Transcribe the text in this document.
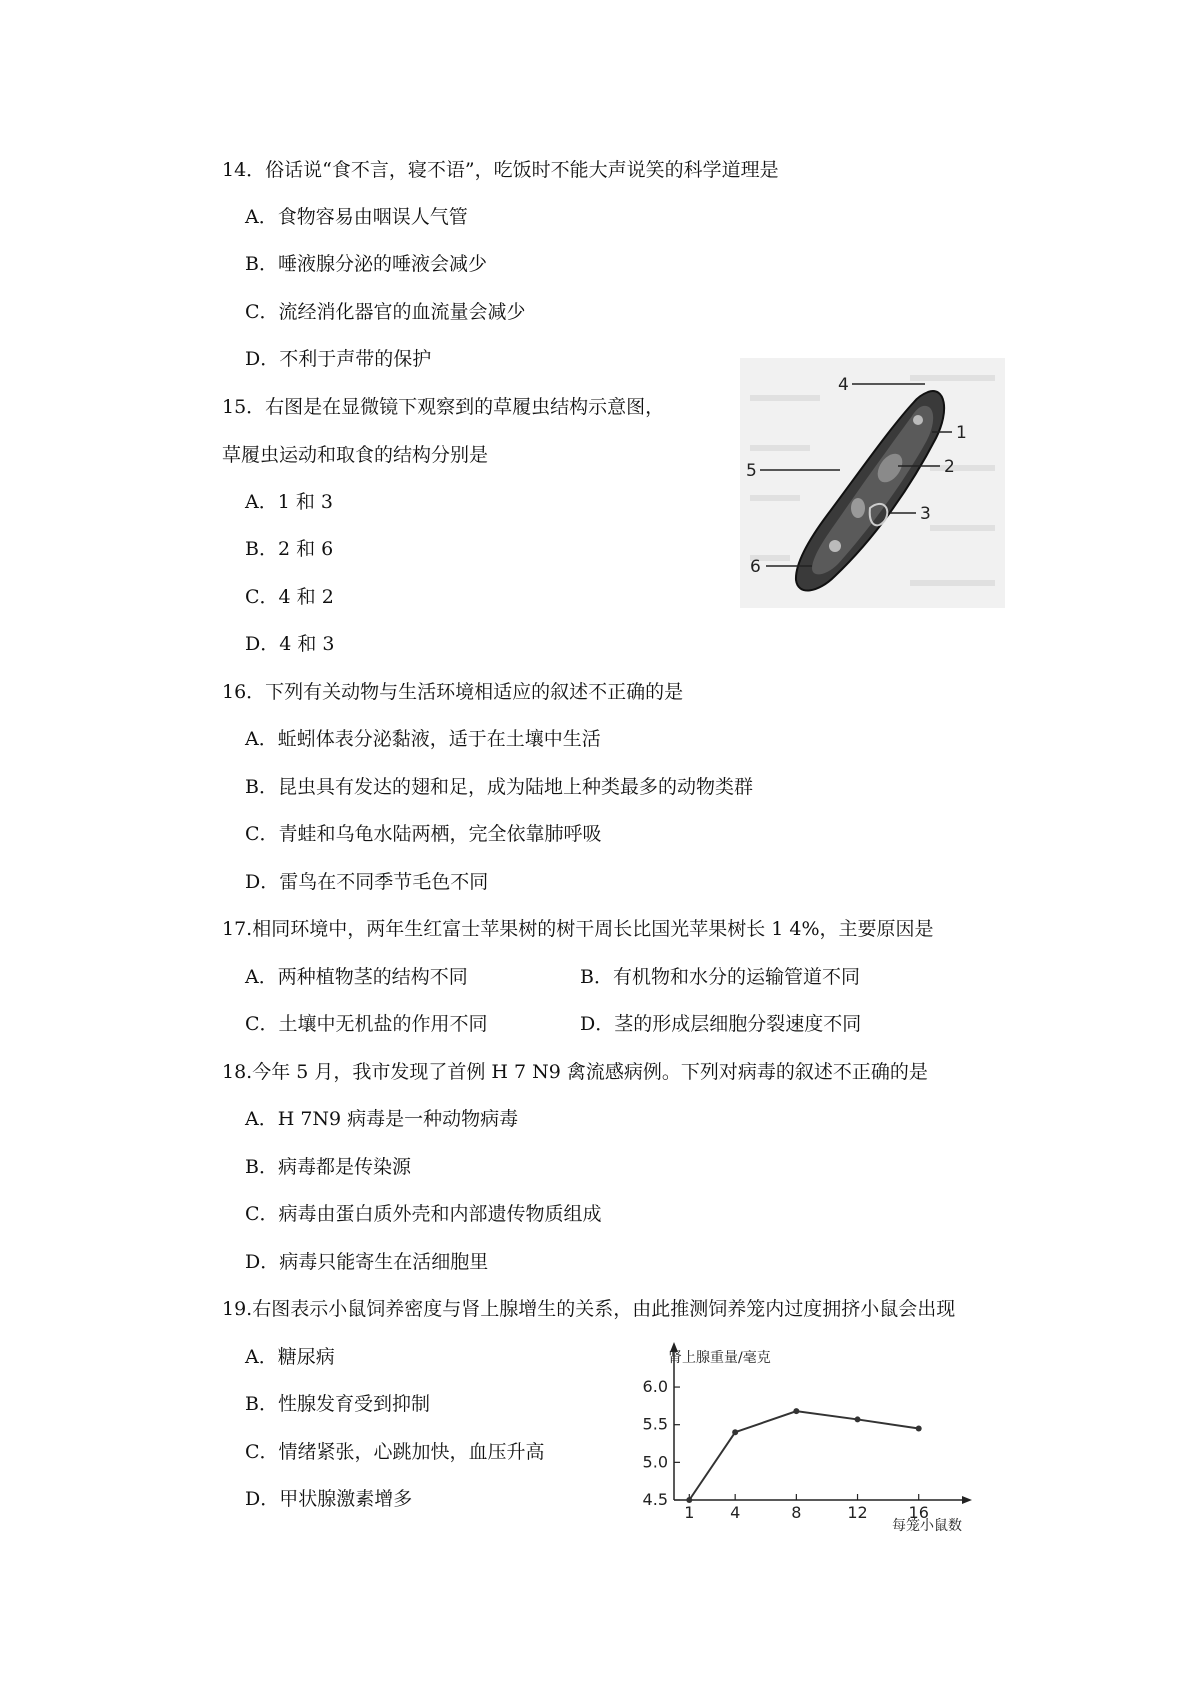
14．俗话说“食不言，寝不语”，吃饭时不能大声说笑的科学道理是
A．食物容易由咽误人气管
B．唾液腺分泌的唾液会减少
C．流经消化器官的血流量会减少
D．不利于声带的保护
15．右图是在显微镜下观察到的草履虫结构示意图，
草履虫运动和取食的结构分别是
A．1 和 3
B．2 和 6
C．4 和 2
D．4 和 3
4
1
2
5
3
6
16．下列有关动物与生活环境相适应的叙述不正确的是
A．蚯蚓体表分泌黏液，适于在土壤中生活
B．昆虫具有发达的翅和足，成为陆地上种类最多的动物类群
C．青蛙和乌龟水陆两栖，完全依靠肺呼吸
D．雷鸟在不同季节毛色不同
17.相同环境中，两年生红富士苹果树的树干周长比国光苹果树长 1 4%，主要原因是
A．两种植物茎的结构不同	B．有机物和水分的运输管道不同
C．土壤中无机盐的作用不同	D．茎的形成层细胞分裂速度不同
18.今年 5 月，我市发现了首例 H 7 N9 禽流感病例。下列对病毒的叙述不正确的是
A．H 7N9 病毒是一种动物病毒
B．病毒都是传染源
C．病毒由蛋白质外壳和内部遗传物质组成
D．病毒只能寄生在活细胞里
19.右图表示小鼠饲养密度与肾上腺增生的关系，由此推测饲养笼内过度拥挤小鼠会出现
A．糖尿病
B．性腺发育受到抑制
C．情绪紧张，心跳加快，血压升高
D．甲状腺激素增多	4.5
5.0
5.5
6.0
1 4	8	12	16
肾上腺重量/毫克
每笼小鼠数
